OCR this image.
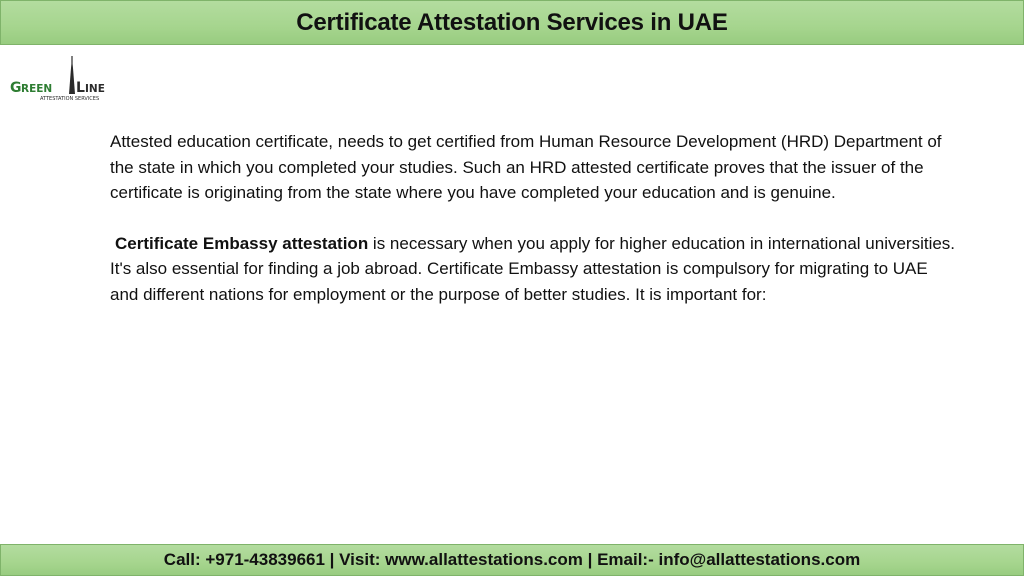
Certificate Attestation Services in UAE
G REEN L INE
ATTESTATION SERVICES

Attested education certificate, needs to get certified from Human Resource Development (HRD) Department of the state in which you completed your studies. Such an HRD attested certificate proves that the issuer of the certificate is originating from the state where you have completed your education and is genuine.

Certificate Embassy attestation is necessary when you apply for higher education in international universities. It's also essential for finding a job abroad. Certificate Embassy attestation is compulsory for migrating to UAE and different nations for employment or the purpose of better studies. It is important for:

Call: +971-43839661 | Visit: www.allattestations.com | Email:- info@allattestations.com
